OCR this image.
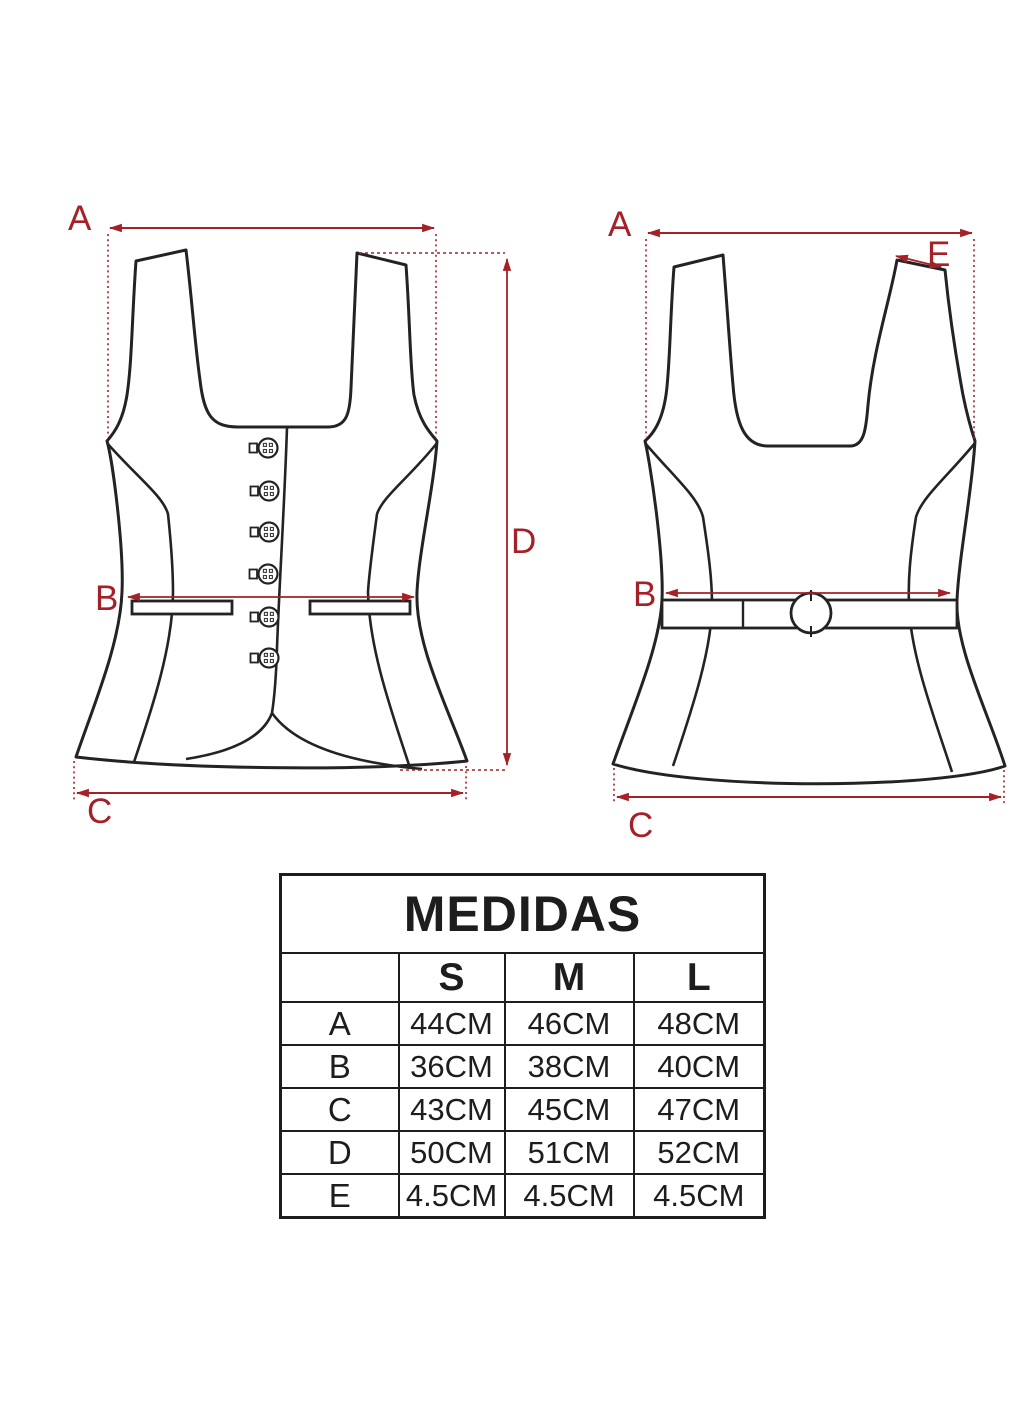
A
B
C
D
A
E
B
C
MEDIDAS			
	S	M	L
A	44CM	46CM	48CM
B	36CM	38CM	40CM
C	43CM	45CM	47CM
D	50CM	51CM	52CM
E	4.5CM	4.5CM	4.5CM
